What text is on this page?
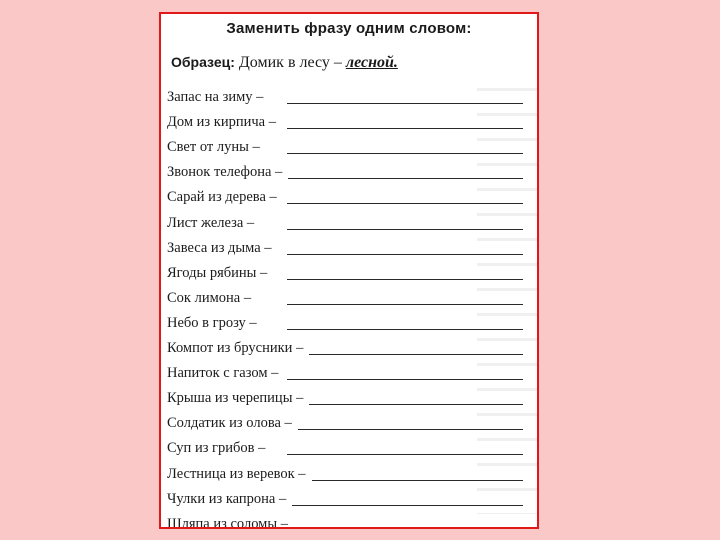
Заменить фразу одним словом:
Образец: Домик в лесу – лесной.
Запас на зиму –
Дом из кирпича –
Свет от луны –
Звонок телефона –
Сарай из дерева –
Лист железа –
Завеса из дыма –
Ягоды рябины –
Сок лимона –
Небо в грозу –
Компот из брусники –
Напиток с газом –
Крыша из черепицы –
Солдатик из олова –
Суп из грибов –
Лестница из веревок –
Чулки из капрона –
Шляпа из соломы –
